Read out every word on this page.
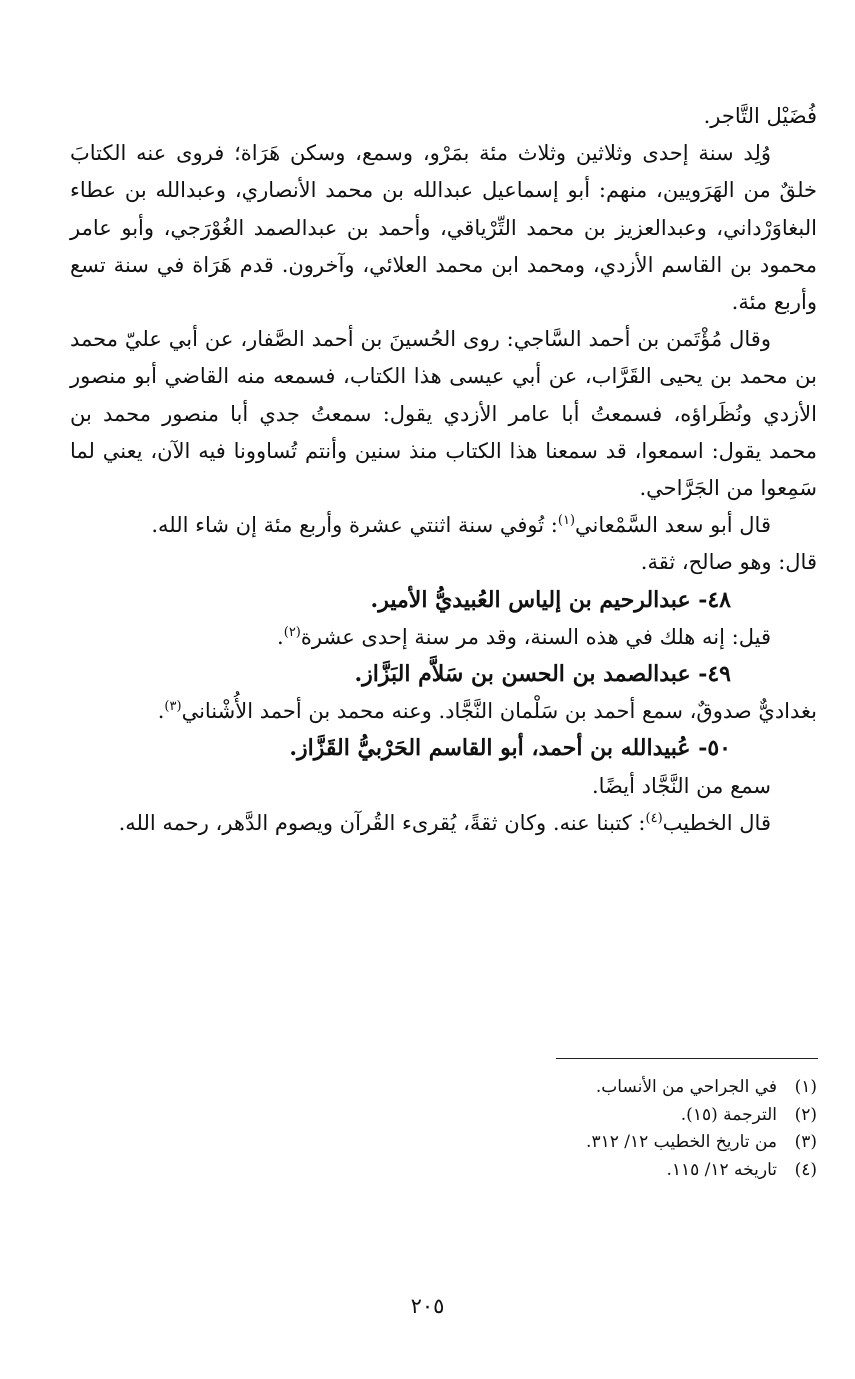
فُضَيْل التَّاجر.

وُلِد سنة إحدى وثلاثين وثلاث مئة بمَرْو، وسمع، وسكن هَرَاة؛ فروى عنه الكتابَ خلقٌ من الهَرَويين، منهم: أبو إسماعيل عبدالله بن محمد الأنصاري، وعبدالله بن عطاء البغاوَرْداني، وعبدالعزيز بن محمد التِّرْياقي، وأحمد بن عبدالصمد الغُوْرَجي، وأبو عامر محمود بن القاسم الأزدي، ومحمد ابن محمد العلائي، وآخرون. قدم هَرَاة في سنة تسع وأربع مئة.

وقال مُؤْتَمن بن أحمد السَّاجي: روى الحُسينَ بن أحمد الصَّفار، عن أبي عليّ محمد بن محمد بن يحيى القَرَّاب، عن أبي عيسى هذا الكتاب، فسمعه منه القاضي أبو منصور الأزدي ونُظَراؤه، فسمعتُ أبا عامر الأزدي يقول: سمعتُ جدي أبا منصور محمد بن محمد يقول: اسمعوا، قد سمعنا هذا الكتاب منذ سنين وأنتم تُساوونا فيه الآن، يعني لما سَمِعوا من الجَرَّاحي.

قال أبو سعد السَّمْعاني$^{(١)}$: تُوفي سنة اثنتي عشرة وأربع مئة إن شاء الله.

قال: وهو صالح، ثقة.

٤٨- عبدالرحيم بن إلياس العُبيديُّ الأمير.

قيل: إنه هلك في هذه السنة، وقد مر سنة إحدى عشرة$^{(٢)}$.

٤٩- عبدالصمد بن الحسن بن سَلاَّم البَزَّاز.

بغداديٌّ صدوقٌ، سمع أحمد بن سَلْمان النَّجَّاد. وعنه محمد بن أحمد الأُشْناني$^{(٣)}$.

٥٠- عُبيدالله بن أحمد، أبو القاسم الحَرْبيُّ القَزَّاز.

سمع من النَّجَّاد أيضًا.

قال الخطيب$^{(٤)}$: كتبنا عنه. وكان ثقةً، يُقرىء القُرآن ويصوم الدَّهر، رحمه الله.

(١)
في الجراحي من الأنساب.
(٢)
الترجمة (١٥).
(٣)
من تاريخ الخطيب ١٢/ ٣١٢.
(٤)
تاريخه ١٢/ ١١٥.
٢٠٥
